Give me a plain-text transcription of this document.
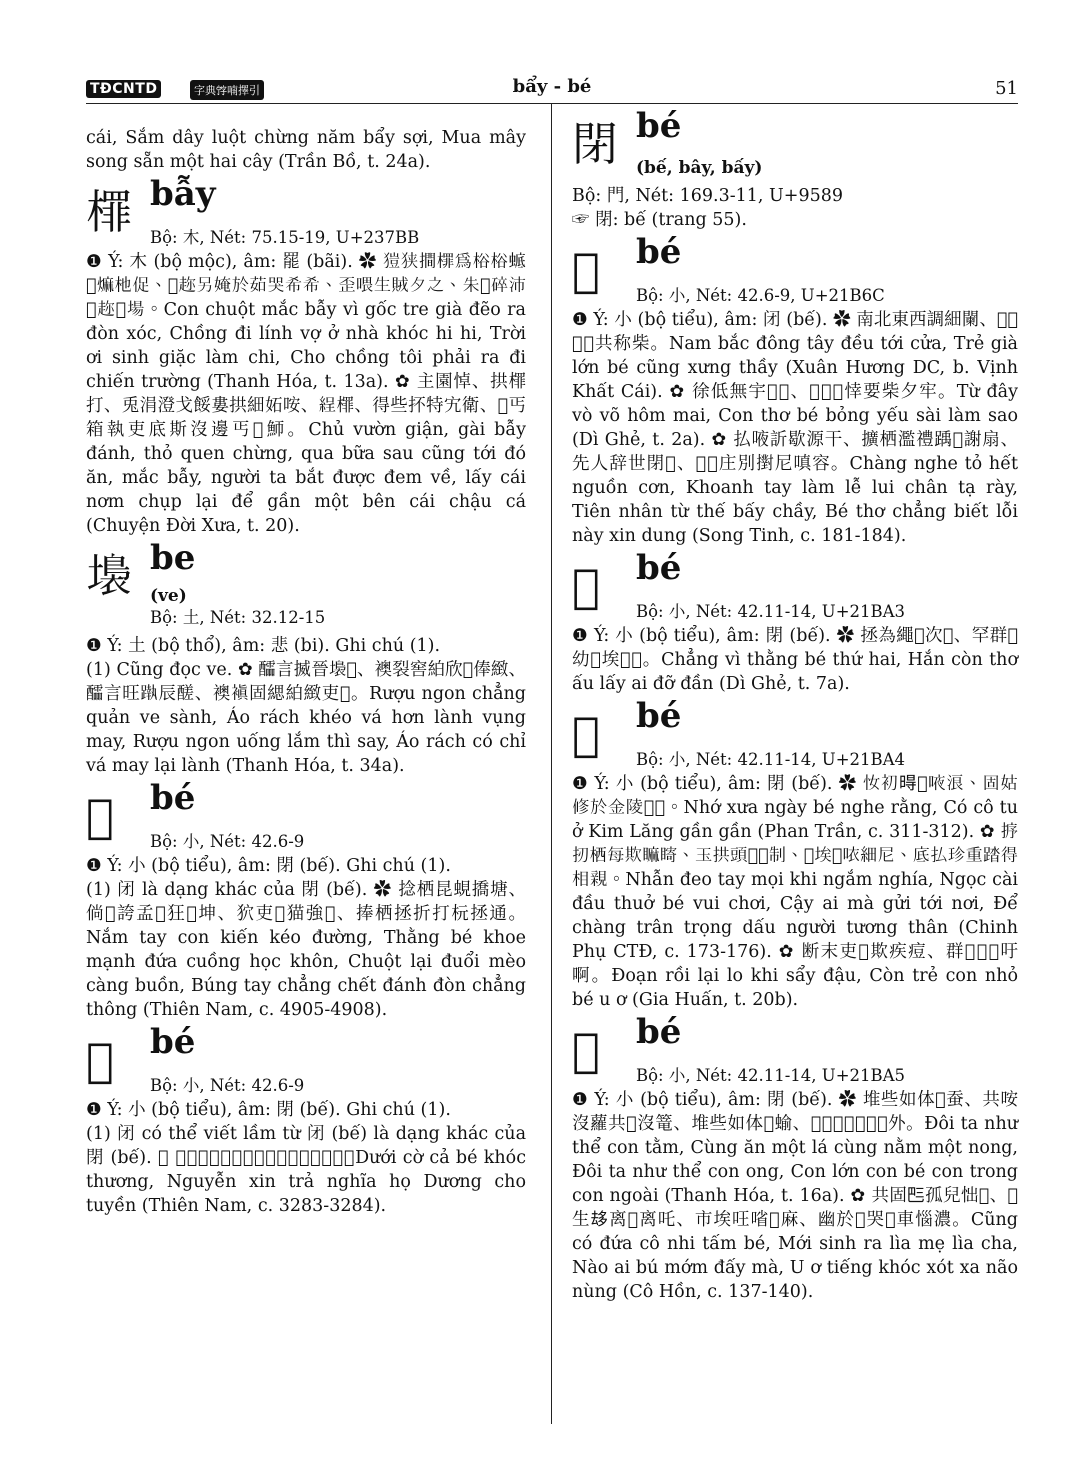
TĐCNTD	字典𡨸喃擇引	bẩy - bé	51

cái, Sắm dây luột chừng năm bẩy sợi, Mua mây song sẵn một hai cây (Trần Bồ, t. 24a).

檌 bẫy
Bộ: 木, Nét: 75.15-19, U+237BB

❶ Ý: 木 (bộ mộc), âm: 罷 (bãi). ✿ 𤠲狭𢵧檌為㭲㭲𧍉𢱖𤎎杝促、𧼋趂另㛪於茹哭希希、歪喂生賊夕之、朱𧼋碎沛𠫾趂𢧚場。Con chuột mắc bẫy vì gốc tre già đẽo ra đòn xóc, Chồng đi lính vợ ở nhà khóc hi hi, Trời ơi sinh giặc làm chi, Cho chồng tôi phải ra đi chiến trường (Thanh Hóa, t. 13a). ✿ 主園悼、拱檌打、兎涓澄戈餒婁拱細妬咹、𦀚檌、得些抔特宄衛、𥙩丐箱執吏底斯沒邊丐𠺥魳。Chủ vườn giận, gài bẫy đánh, thỏ quen chừng, qua bữa sau cũng tới đó ăn, mắc bẫy, người ta bắt được đem về, lấy cái nơm chụp lại để gần một bên cái chậu cá (Chuyện Đời Xưa, t. 20).

𡑩 be
(ve)
Bộ: 土, Nét: 32.12-15

❶ Ý: 土 (bộ thổ), âm: 悲 (bi). Ghi chú (1).

(1) Cũng đọc ve. ✿ 醽言揻晉𡑩𡍢、襖裂窖絈欣𨨧俸緻、醽言旺𨄴辰醝、襖𧜖固緦絈緻吏𨨧。Rượu ngon chẳng quản ve sành, Áo rách khéo vá hơn lành vụng may, Rượu ngon uống lắm thì say, Áo rách có chỉ vá may lại lành (Thanh Hóa, t. 34a).

𡮣 bé
Bộ: 小, Nét: 42.6-9

❶ Ý: 小 (bộ tiểu), âm: 閉 (bế). Ghi chú (1).

(1) 闭 là dạng khác của 閉 (bế). ✿ 捻栖昆蜆撟塘、倘𡮣誇孟𠀧狂𡥵坤、狖吏𧿆猫強𢣧、捧栖拯折打杬拯通。Nắm tay con kiến kéo đường, Thằng bé khoe mạnh đứa cuồng học khôn, Chuột lại đuổi mèo càng buồn, Búng tay chẳng chết đánh đòn chẳng thông (Thiên Nam, c. 4905-4908).

𡮢 bé
Bộ: 小, Nét: 42.6-9

❶ Ý: 小 (bộ tiểu), âm: 閉 (bế). Ghi chú (1).

(1) 闭 có thể viết lầm từ 闭 (bế) là dạng khác của 閉 (bế). ✿ 𠁀旗奇𡮢哭傷、願嗔把姜户楊朱全。Dưới cờ cả bé khóc thương, Nguyễn xin trả nghĩa họ Dương cho tuyền (Thiên Nam, c. 3283-3284).

閉 bé
(bế, bây, bấy)

Bộ: 門, Nét: 169.3-11, U+9589

☞ 閉: bế (trang 55).

𡮬 bé
Bộ: 小, Nét: 42.6-9, U+21B6C

❶ Ý: 小 (bộ tiểu), âm: 闭 (bế). ✿ 南北東西調細闌、𥘷𦓅𡮬𡮬共称柴。Nam bắc đông tây đều tới cửa, Trẻ già lớn bé cũng xưng thầy (Xuân Hương DC, b. Vịnh Khất Cái). ✿ 徐低無宇𡀮𡮬、𡮤𡮬𡮬悻要柴夕牢。Từ đây vò võ hôm mai, Con thơ bé bỏng yếu sài làm sao (Dì Ghẻ, t. 2a). ✿ 払㖡訢歇源干、擴栖濫禮踽𨅹謝扇、先人辞世閉𨅹、𡮬𡮬庄別𢷮尼嗔容。Chàng nghe tỏ hết nguồn cơn, Khoanh tay làm lễ lui chân tạ rày, Tiên nhân từ thế bấy chầy, Bé thơ chẳng biết lỗi này xin dung (Song Tinh, c. 181-184).

𡮳 bé
Bộ: 小, Nét: 42.11-14, U+21BA3

❶ Ý: 小 (bộ tiểu), âm: 閉 (bế). ✿ 拯為繩𡮳次𠄩、罕群𡮤幼𥙩埃𠁀𦣰。Chẳng vì thằng bé thứ hai, Hắn còn thơ ấu lấy ai đỡ đần (Dì Ghẻ, t. 7a).

𡮴 bé
Bộ: 小, Nét: 42.11-14, U+21BA4

❶ Ý: 小 (bộ tiểu), âm: 閉 (bế). ✿ 𢖵初𣈜𡮴㖡浪、固姑修於金陵𣈙𣈙。Nhớ xưa ngày bé nghe rằng, Có cô tu ở Kim Lăng gần gần (Phan Trần, c. 311-312). ✿ 𢭸扨栖每欺𥊚𥊘、玉拱頭𡮴𢧚制、𢹣埃𪡇𠲖細尼、底払珍重踏得相親。Nhẫn đeo tay mọi khi ngắm nghía, Ngọc cài đầu thuở bé vui chơi, Cậy ai mà gửi tới nơi, Để chàng trân trọng dấu người tương thân (Chinh Phụ CTĐ, c. 173-176). ✿ 断末吏𢘾欺疾痘、群𥘷𡮤𡮴吁啊。Đoạn rồi lại lo khi sẩy đậu, Còn trẻ con nhỏ bé u ơ (Gia Huấn, t. 20b).

𡮵 bé
Bộ: 小, Nét: 42.11-14, U+21BA5

❶ Ý: 小 (bộ tiểu), âm: 閉 (bế). ✿ 堆些如体𡮤蚕、共咹沒蘿共𦣰沒篭、堆些如体𡮤蝓、𡮤𡮴𡮤𡮵𡮤𨖲𡮤外。Đôi ta như thể con tằm, Cùng ăn một lá cùng nằm một nong, Đôi ta như thể con ong, Con lớn con bé con trong con ngoài (Thanh Hóa, t. 16a). ✿ 共固𠀧孤兒㤕𡮵、𧵑生𠫾离𡞕离吒、市埃㕵㗂𣌒麻、幽於𠰉哭𢚸車惱濃。Cũng có đứa cô nhi tấm bé, Mới sinh ra lìa mẹ lìa cha, Nào ai bú mớm đấy mà, U ơ tiếng khóc xót xa não nùng (Cô Hồn, c. 137-140).
